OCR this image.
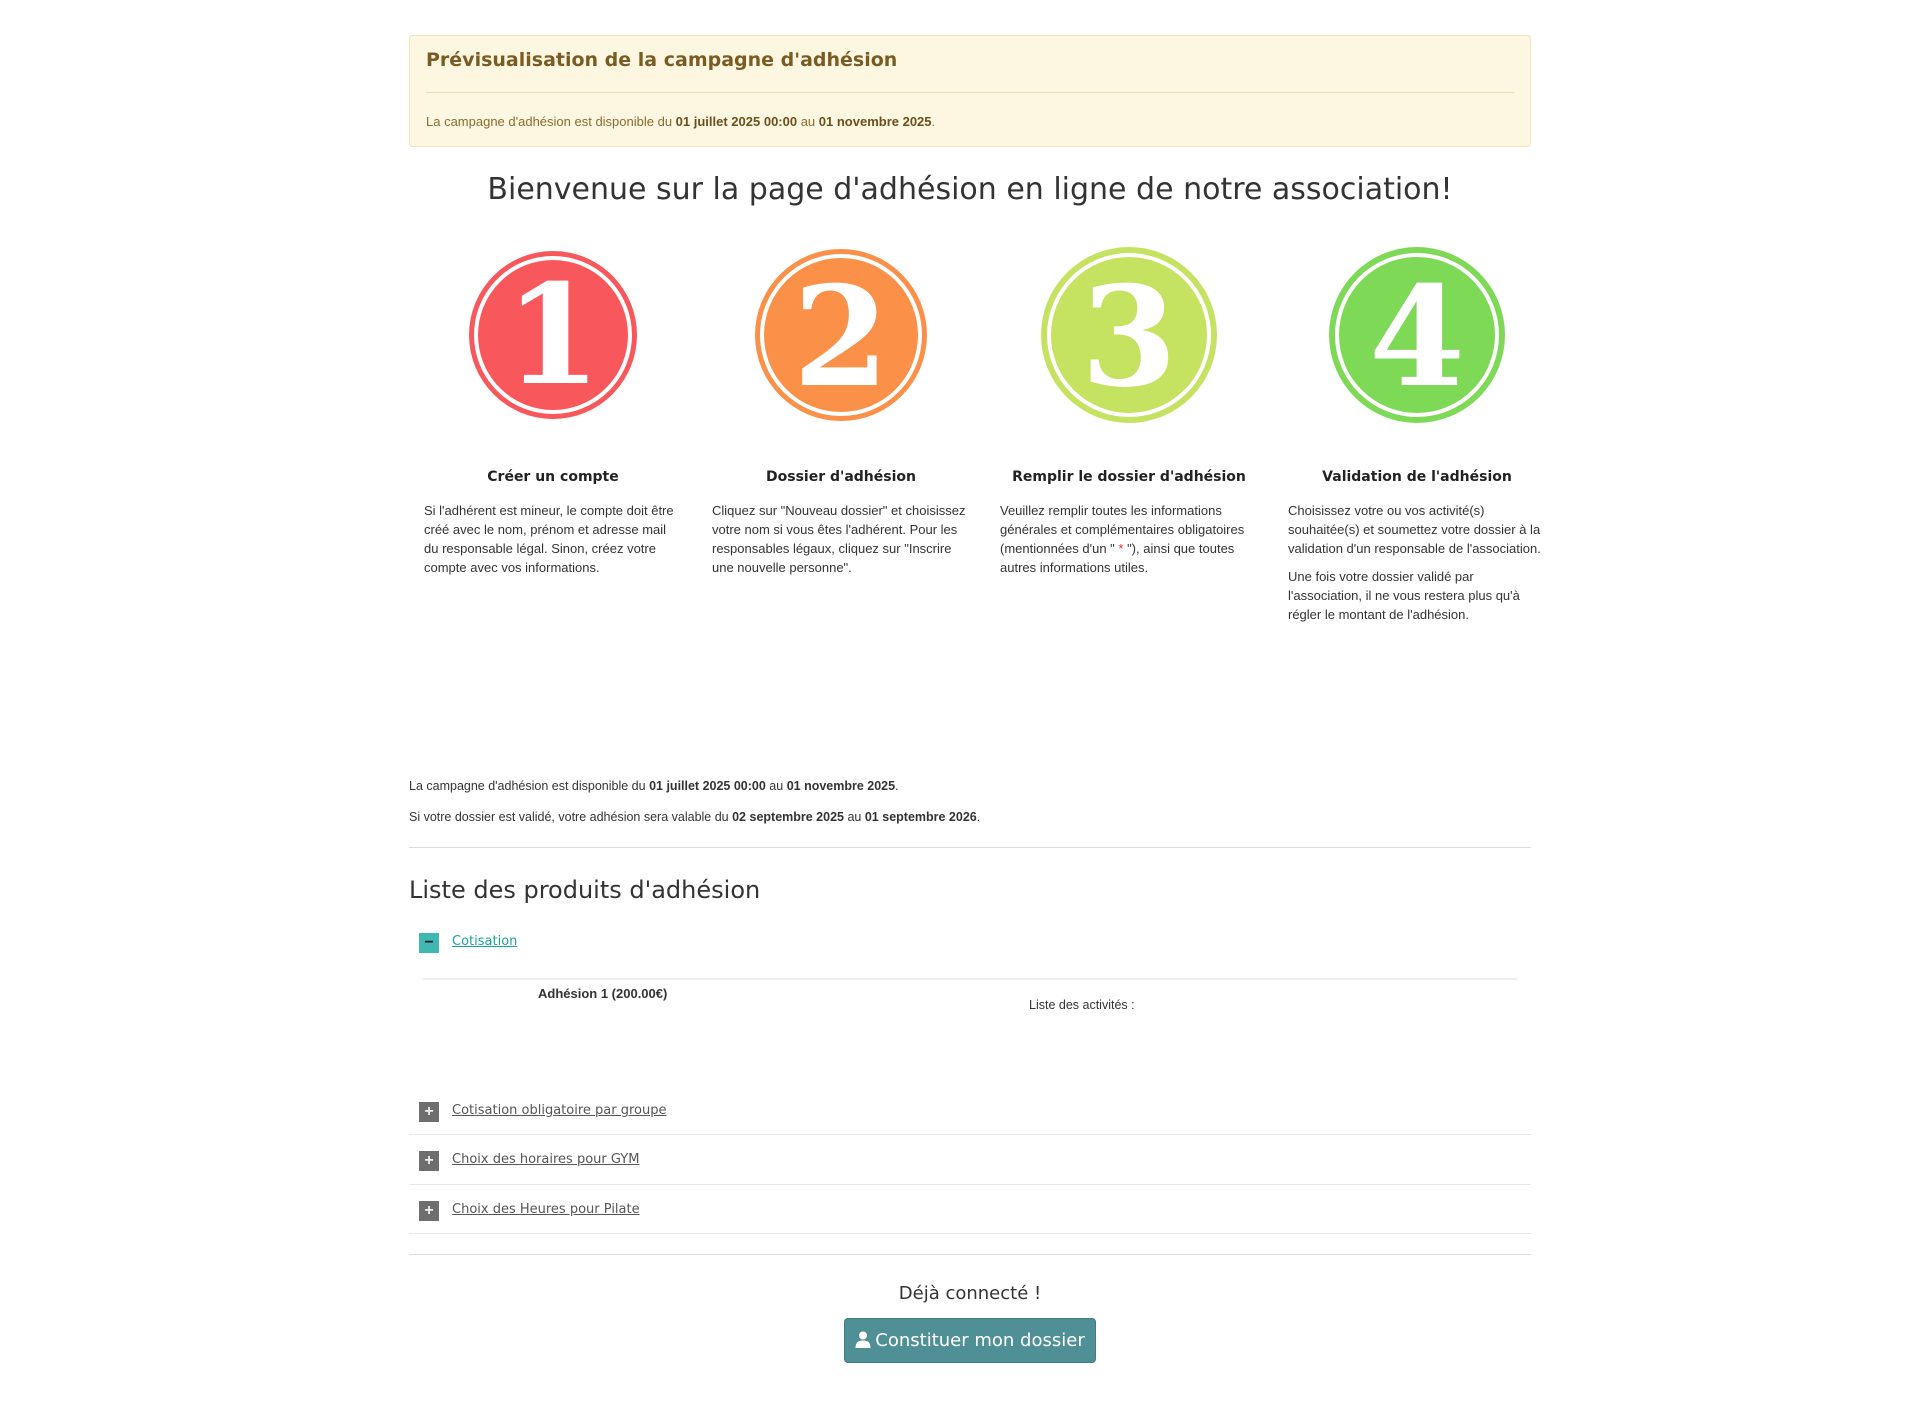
Prévisualisation de la campagne d'adhésion
La campagne d'adhésion est disponible du 01 juillet 2025 00:00 au 01 novembre 2025.
Bienvenue sur la page d'adhésion en ligne de notre association!
1
Créer un compte

Si l'adhérent est mineur, le compte doit être créé avec le nom, prénom et adresse mail du responsable légal. Sinon, créez votre compte avec vos informations.

2
Dossier d'adhésion

Cliquez sur "Nouveau dossier" et choisissez votre nom si vous êtes l'adhérent. Pour les responsables légaux, cliquez sur "Inscrire une nouvelle personne".

3
Remplir le dossier d'adhésion

Veuillez remplir toutes les informations générales et complémentaires obligatoires (mentionnées d'un " * "), ainsi que toutes autres informations utiles.

4
Validation de l'adhésion

Choisissez votre ou vos activité(s) souhaitée(s) et soumettez votre dossier à la validation d'un responsable de l'association.

Une fois votre dossier validé par l'association, il ne vous restera plus qu'à régler le montant de l'adhésion.

La campagne d'adhésion est disponible du 01 juillet 2025 00:00 au 01 novembre 2025.
Si votre dossier est validé, votre adhésion sera valable du 02 septembre 2025 au 01 septembre 2026.
Liste des produits d'adhésion
−	Cotisation
Adhésion 1 (200.00€)
Liste des activités :
+	Cotisation obligatoire par groupe
+	Choix des horaires pour GYM
+	Choix des Heures pour Pilate
Déjà connecté !
Constituer mon dossier
